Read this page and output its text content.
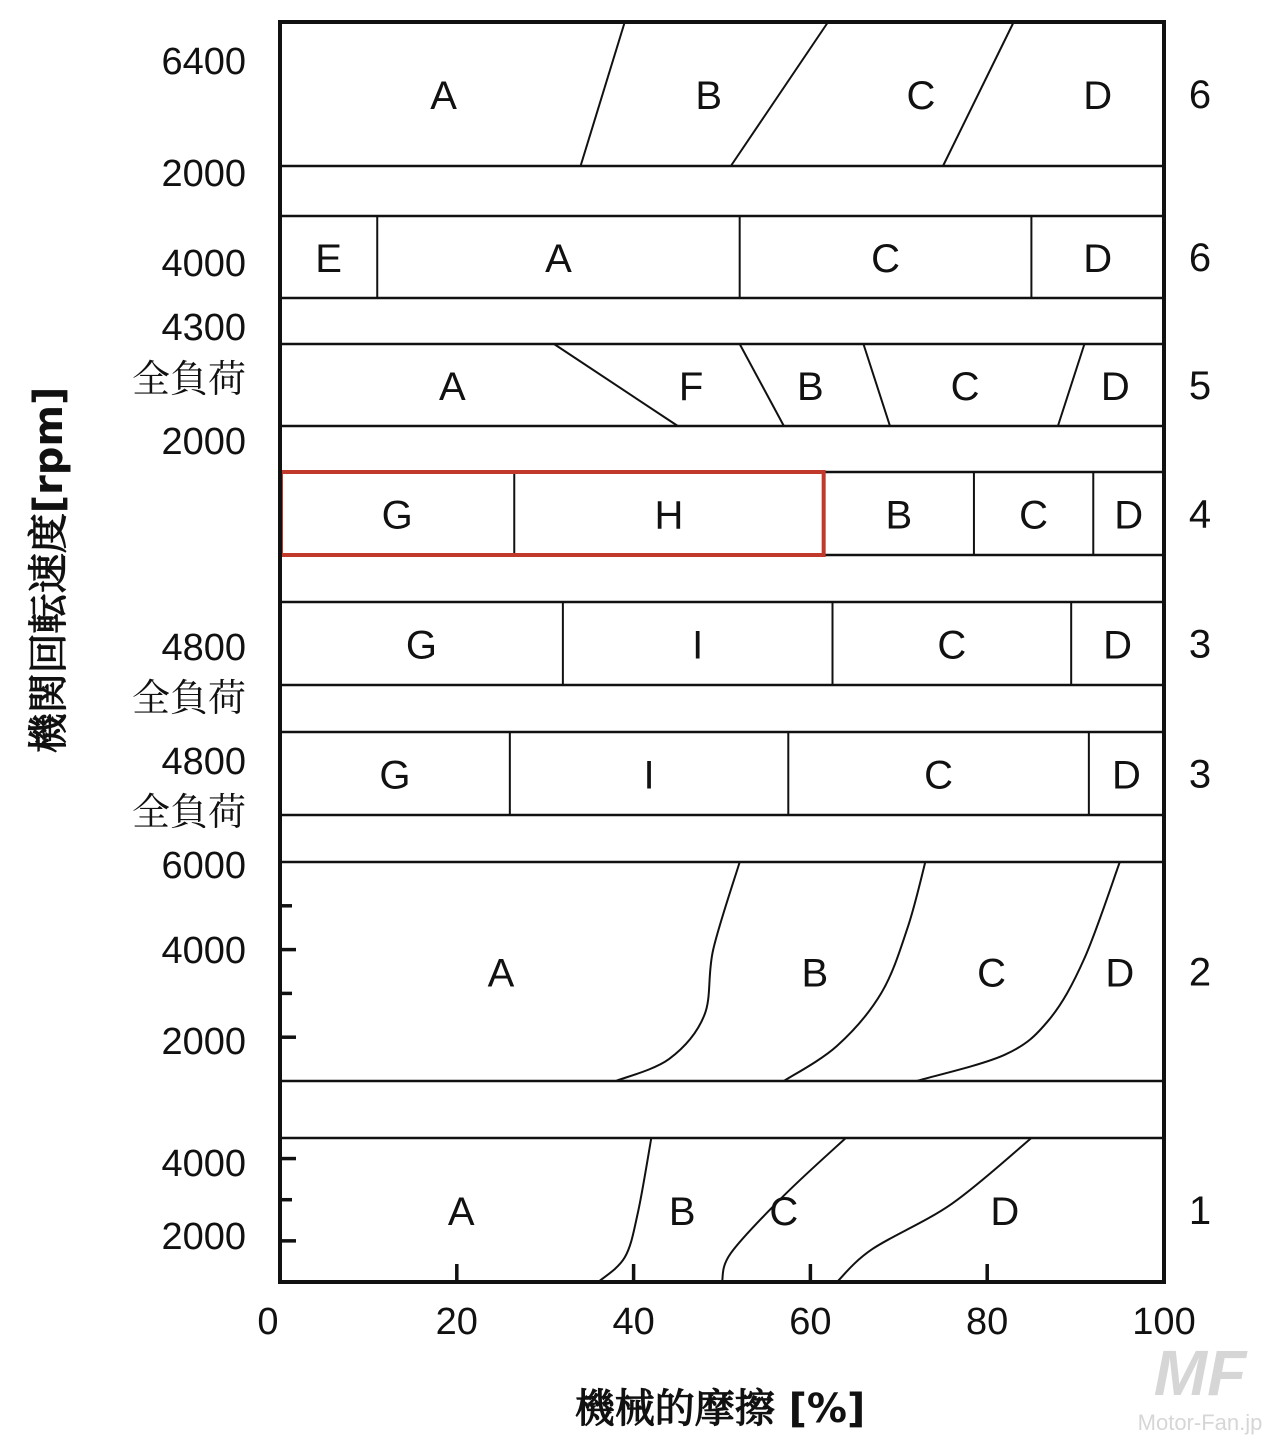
A	B	C	D
E	A	C	D
A	F B	C	D
G	H	B	C D
G	I	C	D
G	I	C	D
A	B	C D
A	B C	D
6
6
5
4
3
3
2
1
6400
2000
4000
4300
全負荷
2000
4800
全負荷
4800
全負荷
6000
4000
2000
4000
2000
0	20	40	60	80	100
機械的摩擦 [%]
機関回転速度[rpm]
MF
Motor-Fan.jp
